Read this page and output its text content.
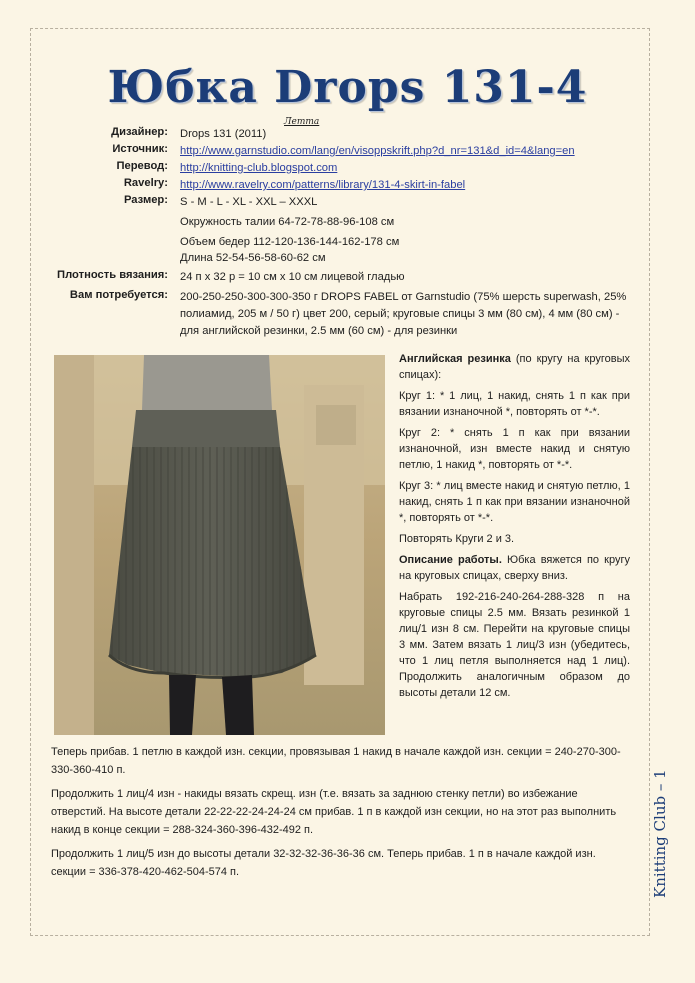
Юбка Drops 131-4
Летта
Дизайнер: Drops 131 (2011)
Источник: http://www.garnstudio.com/lang/en/visoppskrift.php?d_nr=131&d_id=4&lang=en
Перевод: http://knitting-club.blogspot.com
Ravelry: http://www.ravelry.com/patterns/library/131-4-skirt-in-fabel
Размер: S - M - L - XL - XXL – XXXL
Окружность талии 64-72-78-88-96-108 см
Объем бедер 112-120-136-144-162-178 см
Длина 52-54-56-58-60-62 см
Плотность вязания: 24 п x 32 р = 10 см x 10 см лицевой гладью
Вам потребуется: 200-250-250-300-300-350 г DROPS FABEL от Garnstudio (75% шерсть superwash, 25% полиамид, 205 м / 50 г) цвет 200, серый; круговые спицы 3 мм (80 см), 4 мм (80 см) - для английской резинки, 2.5 мм (60 см) - для резинки

Английская резинка (по кругу на круговых спицах):

Круг 1: * 1 лиц, 1 накид, снять 1 п как при вязании изнаночной *, повторять от *-*.

Круг 2: * снять 1 п как при вязании изнаночной, изн вместе накид и снятую петлю, 1 накид *, повторять от *-*.

Круг 3: * лиц вместе накид и снятую петлю, 1 накид, снять 1 п как при вязании изнаночной *, повторять от *-*.

Повторять Круги 2 и 3.

Описание работы. Юбка вяжется по кругу на круговых спицах, сверху вниз.

Набрать 192-216-240-264-288-328 п на круговые спицы 2.5 мм. Вязать резинкой 1 лиц/1 изн 8 см. Перейти на круговые спицы 3 мм. Затем вязать 1 лиц/3 изн (убедитесь, что 1 лиц петля выполняется над 1 лиц). Продолжить аналогичным образом до высоты детали 12 см.

Теперь прибав. 1 петлю в каждой изн. секции, провязывая 1 накид в начале каждой изн. секции = 240-270-300-330-360-410 п.

Продолжить 1 лиц/4 изн - накиды вязать скрещ. изн (т.е. вязать за заднюю стенку петли) во избежание отверстий. На высоте детали 22-22-22-24-24-24 см прибав. 1 п в каждой изн секции, но на этот раз выполнить накид в конце секции = 288-324-360-396-432-492 п.

Продолжить 1 лиц/5 изн до высоты детали 32-32-32-36-36-36 см. Теперь прибав. 1 п в начале каждой изн. секции = 336-378-420-462-504-574 п.	Knitting Club – 1
